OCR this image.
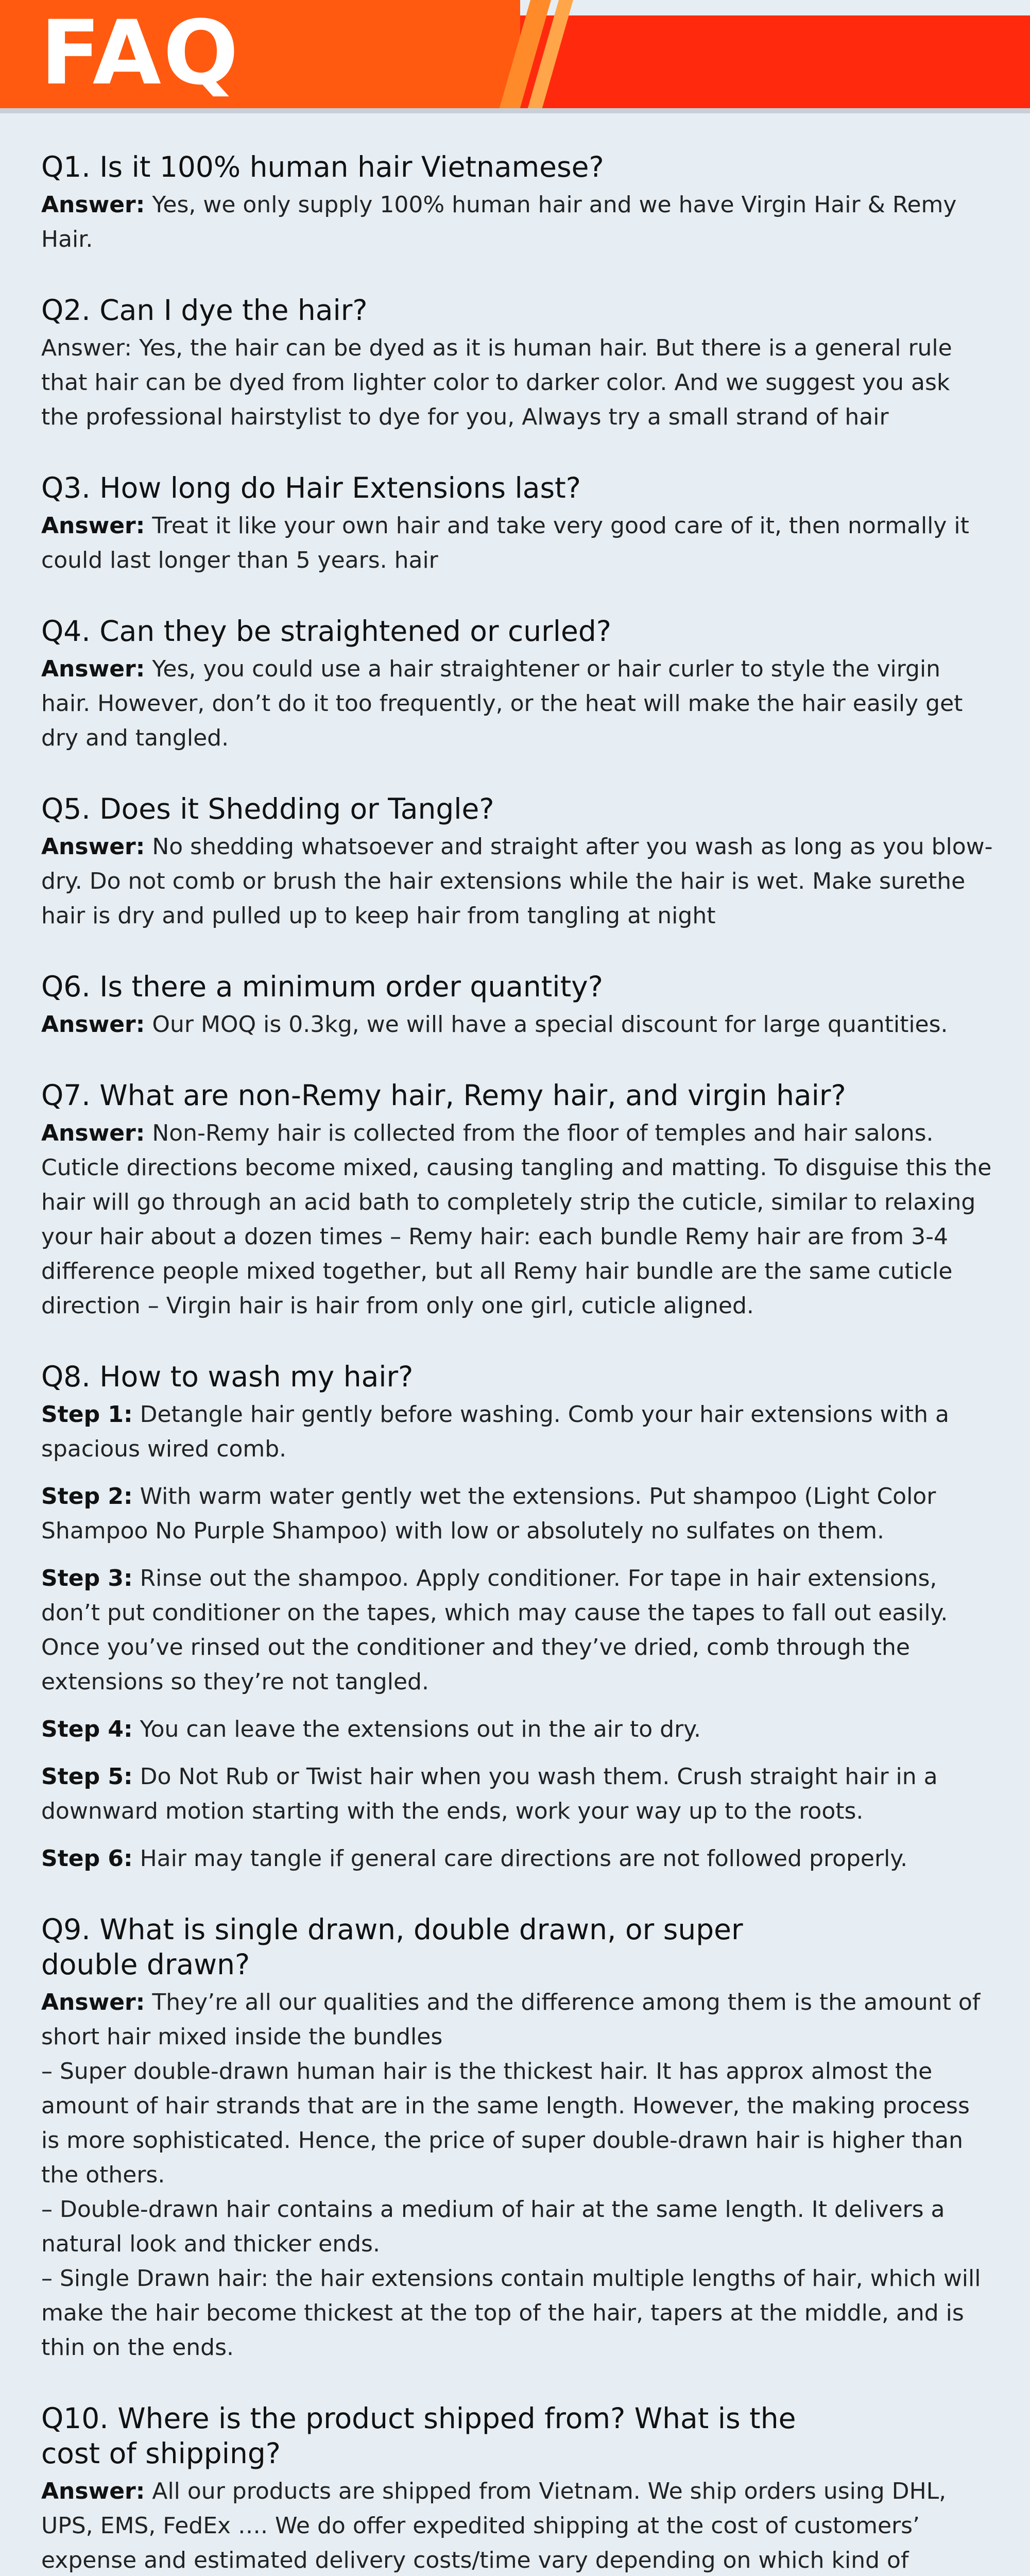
FAQ
Q1. Is it 100% human hair Vietnamese?
Answer: Yes, we only supply 100% human hair and we have Virgin Hair & Remy Hair.
Q2. Can I dye the hair?
Answer: Yes, the hair can be dyed as it is human hair. But there is a general rule that hair can be dyed from lighter color to darker color. And we suggest you ask the professional hairstylist to dye for you, Always try a small strand of hair
Q3. How long do Hair Extensions last?
Answer: Treat it like your own hair and take very good care of it, then normally it could last longer than 5 years. hair
Q4. Can they be straightened or curled?
Answer: Yes, you could use a hair straightener or hair curler to style the virgin hair. However, don’t do it too frequently, or the heat will make the hair easily get dry and tangled.
Q5. Does it Shedding or Tangle?
Answer: No shedding whatsoever and straight after you wash as long as you blow-dry. Do not comb or brush the hair extensions while the hair is wet. Make surethe hair is dry and pulled up to keep hair from tangling at night
Q6. Is there a minimum order quantity?
Answer: Our MOQ is 0.3kg, we will have a special discount for large quantities.
Q7. What are non-Remy hair, Remy hair, and virgin hair?
Answer: Non-Remy hair is collected from the floor of temples and hair salons. Cuticle directions become mixed, causing tangling and matting. To disguise this the hair will go through an acid bath to completely strip the cuticle, similar to relaxing your hair about a dozen times – Remy hair: each bundle Remy hair are from 3-4 difference people mixed together, but all Remy hair bundle are the same cuticle direction – Virgin hair is hair from only one girl, cuticle aligned.
Q8. How to wash my hair?
Step 1: Detangle hair gently before washing. Comb your hair extensions with a spacious wired comb.
Step 2: With warm water gently wet the extensions. Put shampoo (Light Color Shampoo No Purple Shampoo) with low or absolutely no sulfates on them.
Step 3: Rinse out the shampoo. Apply conditioner. For tape in hair extensions, don’t put conditioner on the tapes, which may cause the tapes to fall out easily. Once you’ve rinsed out the conditioner and they’ve dried, comb through the extensions so they’re not tangled.
Step 4: You can leave the extensions out in the air to dry.
Step 5: Do Not Rub or Twist hair when you wash them. Crush straight hair in a downward motion starting with the ends, work your way up to the roots.
Step 6: Hair may tangle if general care directions are not followed properly.
Q9. What is single drawn, double drawn, or super
double drawn?
Answer: They’re all our qualities and the difference among them is the amount of short hair mixed inside the bundles
– Super double-drawn human hair is the thickest hair. It has approx almost the amount of hair strands that are in the same length. However, the making process is more sophisticated. Hence, the price of super double-drawn hair is higher than the others.
– Double-drawn hair contains a medium of hair at the same length. It delivers a natural look and thicker ends.
– Single Drawn hair: the hair extensions contain multiple lengths of hair, which will make the hair become thickest at the top of the hair, tapers at the middle, and is thin on the ends.
Q10. Where is the product shipped from? What is the
cost of shipping?
Answer: All our products are shipped from Vietnam. We ship orders using DHL, UPS, EMS, FedEx …. We do offer expedited shipping at the cost of customers’ expense and estimated delivery costs/time vary depending on which kind of
